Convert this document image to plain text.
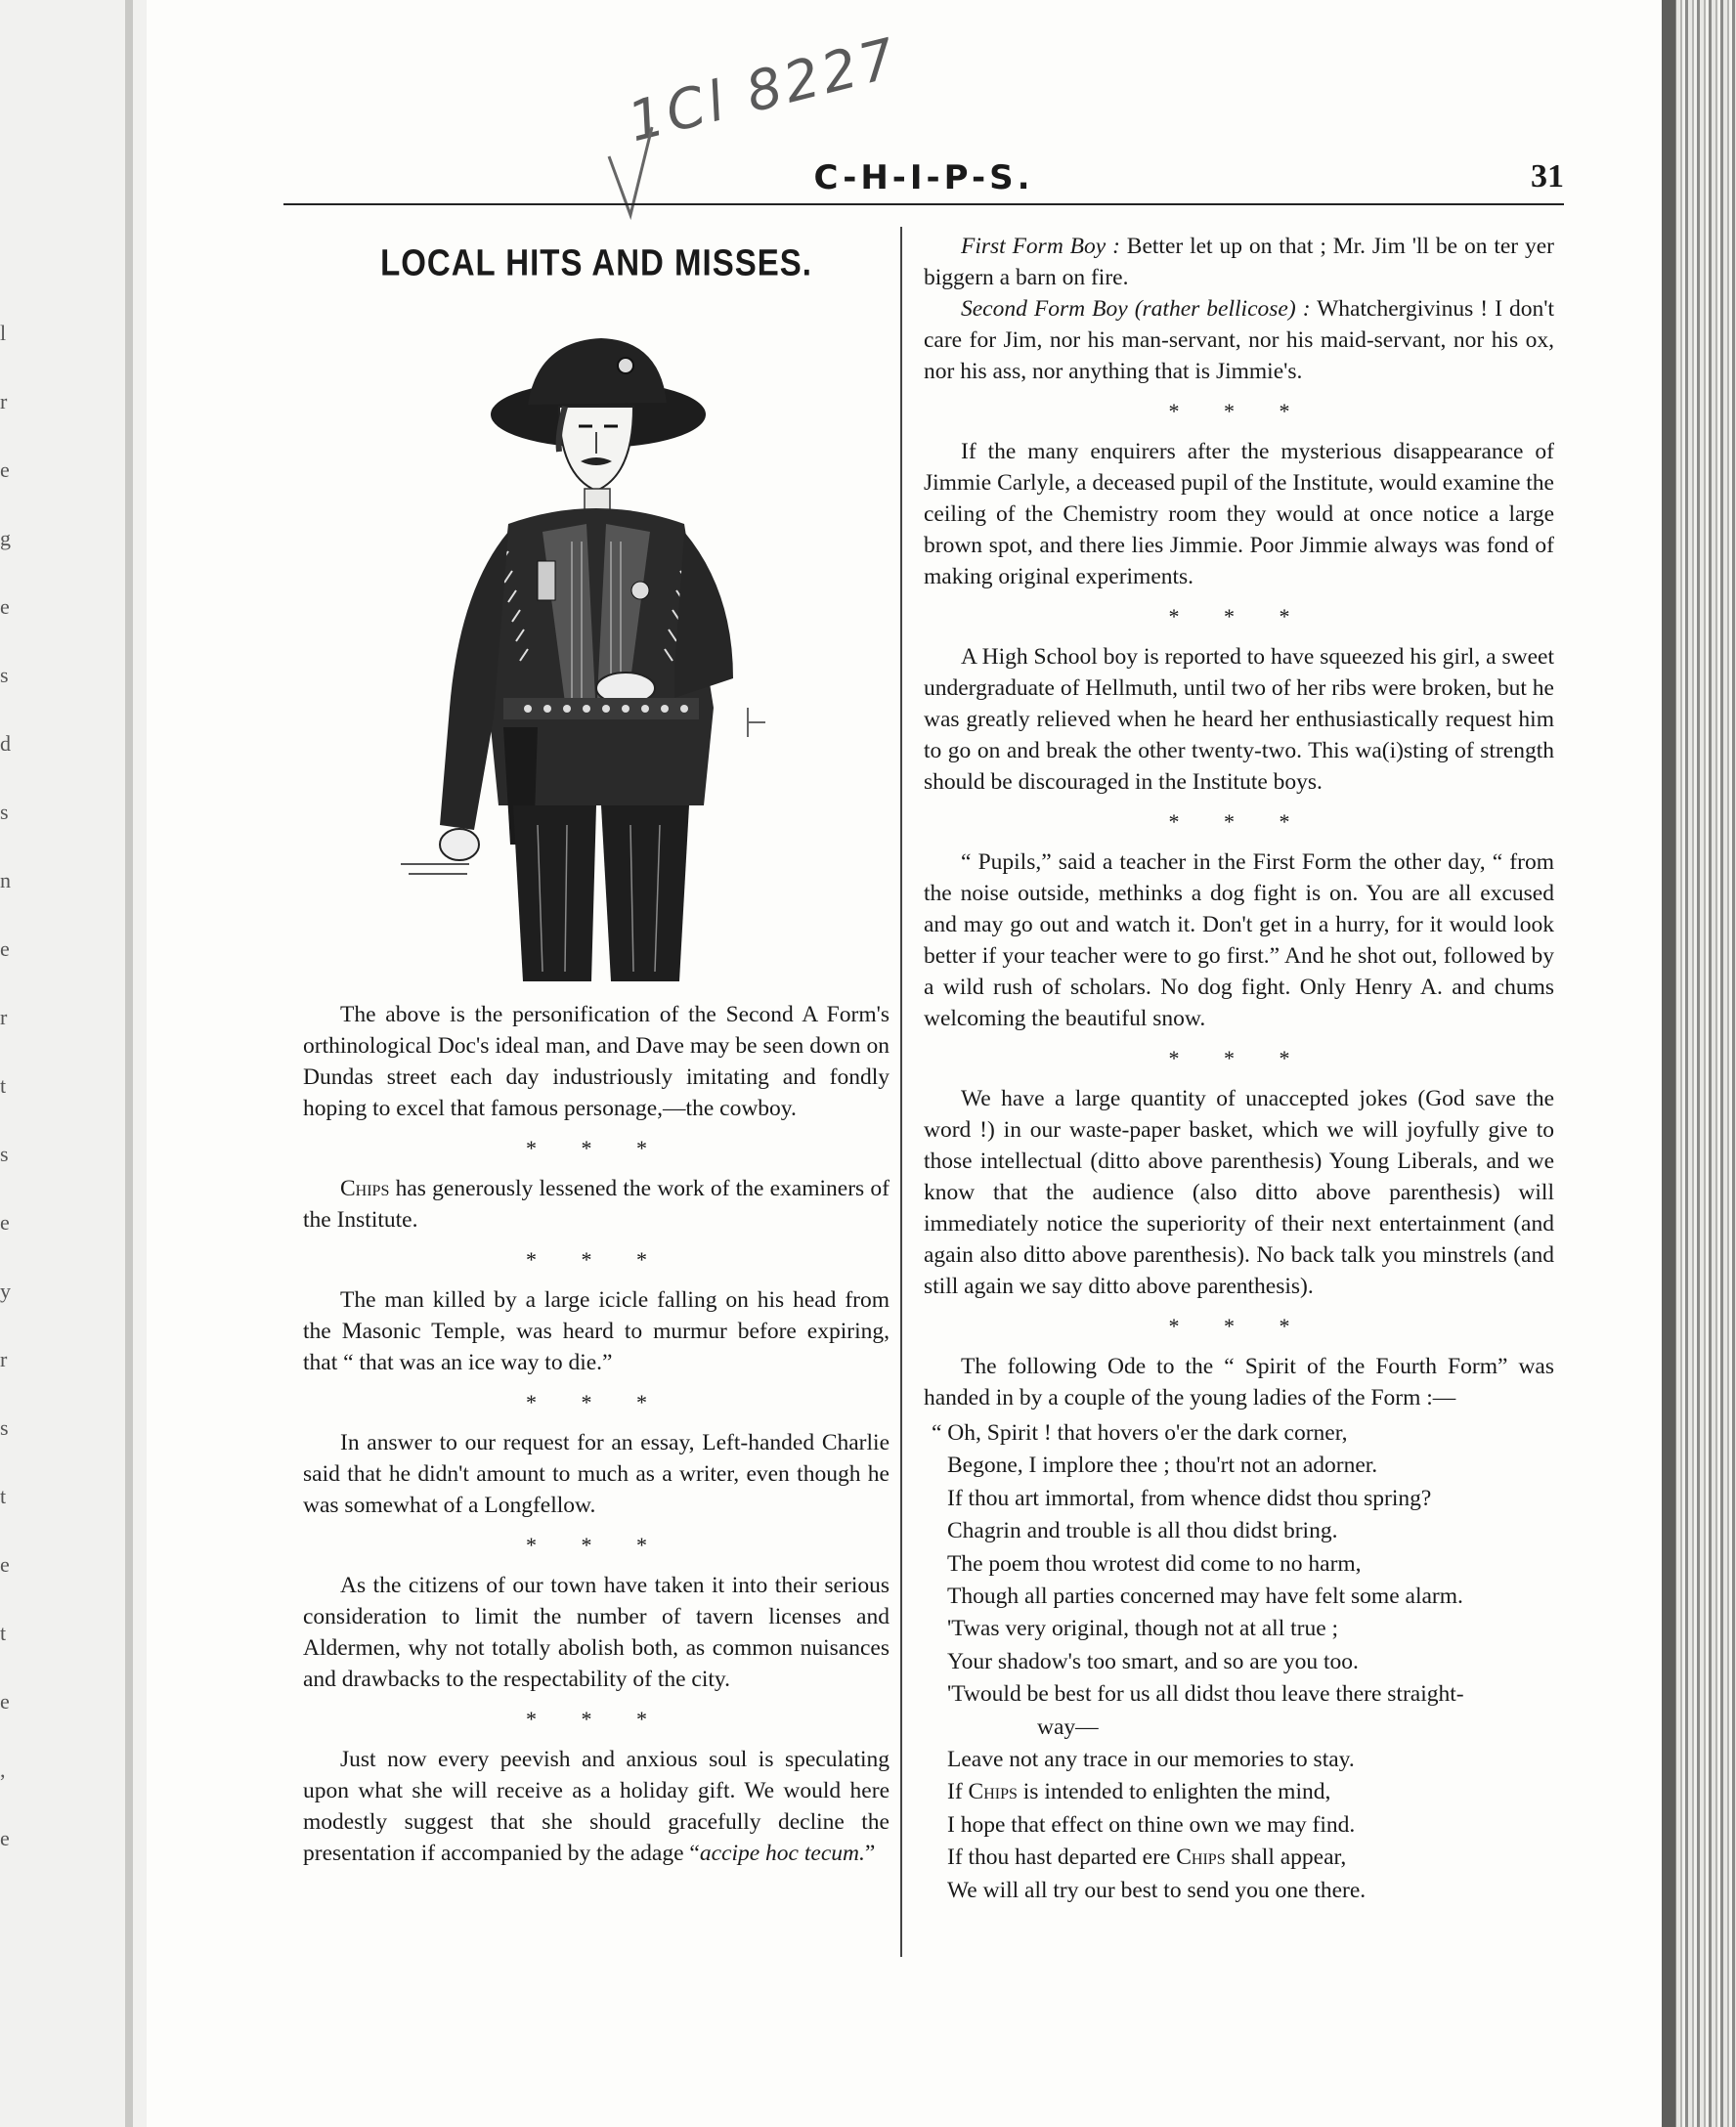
l
r
e
g
e
s
d
s
n
e
r
t
s
e
y
r
s
t
e
t
e
,
e
1Cl 8227
C-H-I-P-S.	31
LOCAL HITS AND MISSES.

The above is the personification of the Second A Form's orthinological Doc's ideal man, and Dave may be seen down on Dundas street each day industriously imitating and fondly hoping to excel that famous personage,—the cowboy.

* * *

Chips has generously lessened the work of the examiners of the Institute.

* * *

The man killed by a large icicle falling on his head from the Masonic Temple, was heard to murmur before expiring, that “ that was an ice way to die.”

* * *

In answer to our request for an essay, Left-handed Charlie said that he didn't amount to much as a writer, even though he was somewhat of a Longfellow.

* * *

As the citizens of our town have taken it into their serious consideration to limit the number of tavern licenses and Aldermen, why not totally abolish both, as common nuisances and drawbacks to the respectability of the city.

* * *

Just now every peevish and anxious soul is speculating upon what she will receive as a holiday gift. We would here modestly suggest that she should gracefully decline the presentation if accompanied by the adage “accipe hoc tecum.”

First Form Boy : Better let up on that ; Mr. Jim 'll be on ter yer biggern a barn on fire.

Second Form Boy (rather bellicose) : Whatchergivinus ! I don't care for Jim, nor his man-servant, nor his maid-servant, nor his ox, nor his ass, nor anything that is Jimmie's.

* * *

If the many enquirers after the mysterious disappearance of Jimmie Carlyle, a deceased pupil of the Institute, would examine the ceiling of the Chemistry room they would at once notice a large brown spot, and there lies Jimmie. Poor Jimmie always was fond of making original experiments.

* * *

A High School boy is reported to have squeezed his girl, a sweet undergraduate of Hellmuth, until two of her ribs were broken, but he was greatly relieved when he heard her enthusiastically request him to go on and break the other twenty-two. This wa(i)sting of strength should be discouraged in the Institute boys.

* * *

“ Pupils,” said a teacher in the First Form the other day, “ from the noise outside, methinks a dog fight is on. You are all excused and may go out and watch it. Don't get in a hurry, for it would look better if your teacher were to go first.” And he shot out, followed by a wild rush of scholars. No dog fight. Only Henry A. and chums welcoming the beautiful snow.

* * *

We have a large quantity of unaccepted jokes (God save the word !) in our waste-paper basket, which we will joyfully give to those intellectual (ditto above parenthesis) Young Liberals, and we know that the audience (also ditto above parenthesis) will immediately notice the superiority of their next entertainment (and again also ditto above parenthesis). No back talk you minstrels (and still again we say ditto above parenthesis).

* * *

The following Ode to the “ Spirit of the Fourth Form” was handed in by a couple of the young ladies of the Form :—

“ Oh, Spirit ! that hovers o'er the dark corner,
Begone, I implore thee ; thou'rt not an adorner.
If thou art immortal, from whence didst thou spring?
Chagrin and trouble is all thou didst bring.
The poem thou wrotest did come to no harm,
Though all parties concerned may have felt some alarm.
'Twas very original, though not at all true ;
Your shadow's too smart, and so are you too.
'Twould be best for us all didst thou leave there straight-
way—
Leave not any trace in our memories to stay.
If Chips is intended to enlighten the mind,
I hope that effect on thine own we may find.
If thou hast departed ere Chips shall appear,
We will all try our best to send you one there.
